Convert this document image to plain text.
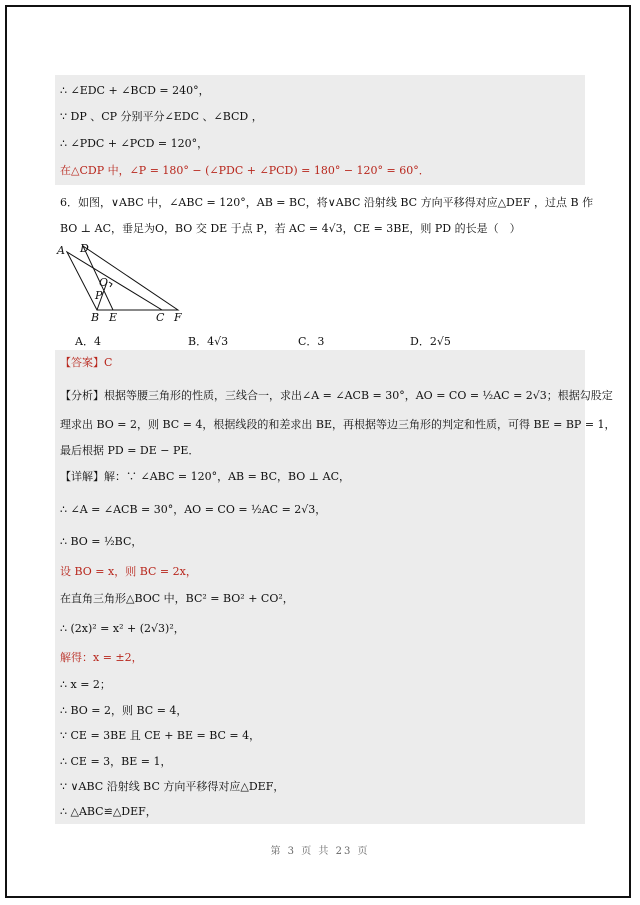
∴ ∠EDC + ∠BCD = 240°，
∵ DP 、CP 分别平分∠EDC 、∠BCD ，
∴ ∠PDC + ∠PCD = 120°，
在△CDP 中，∠P = 180° − (∠PDC + ∠PCD) = 180° − 120° = 60°．
6．如图，∨ABC 中，∠ABC = 120°，AB = BC，将∨ABC 沿射线 BC 方向平移得对应△DEF ，过点 B 作
BO ⊥ AC，垂足为O，BO 交 DE 于点 P，若 AC = 4√3，CE = 3BE，则 PD 的长是（　）
A D
O
P
B E	C F
A．4	B．4√3	C．3	D．2√5
【答案】C
【分析】根据等腰三角形的性质，三线合一，求出∠A = ∠ACB = 30°，AO = CO = ½AC = 2√3；根据勾股定
理求出 BO = 2，则 BC = 4，根据线段的和差求出 BE，再根据等边三角形的判定和性质，可得 BE = BP = 1，
最后根据 PD = DE − PE．
【详解】解：∵ ∠ABC = 120°，AB = BC，BO ⊥ AC，
∴ ∠A = ∠ACB = 30°，AO = CO = ½AC = 2√3，
∴ BO = ½BC，
设 BO = x，则 BC = 2x，
在直角三角形△BOC 中，BC² = BO² + CO²，
∴ (2x)² = x² + (2√3)²，
解得：x = ±2，
∴ x = 2；
∴ BO = 2，则 BC = 4，
∵ CE = 3BE 且 CE + BE = BC = 4，
∴ CE = 3，BE = 1，
∵ ∨ABC 沿射线 BC 方向平移得对应△DEF，
∴ △ABC≌△DEF，
第 3 页 共 23 页
